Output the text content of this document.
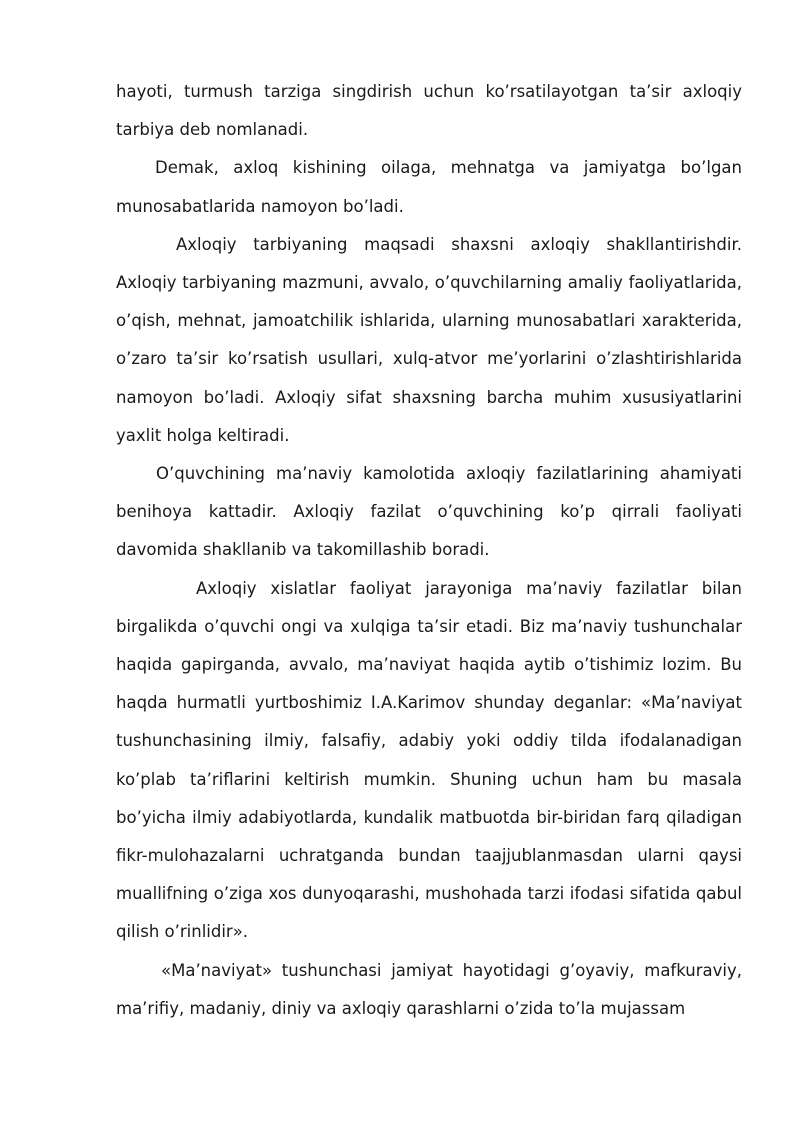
hayoti, turmush tarziga singdirish uchun ko’rsatilayotgan ta’sir axloqiy tarbiya deb nomlanadi.

Demak, axloq kishining oilaga, mehnatga va jamiyatga bo’lgan munosabatlarida namoyon bo’ladi.

Axloqiy tarbiyaning maqsadi shaxsni axloqiy shakllantirishdir. Axloqiy tarbiyaning mazmuni, avvalo, o’quvchilarning amaliy faoliyatlarida, o’qish, mehnat, jamoatchilik ishlarida, ularning munosabatlari xarakterida, o’zaro ta’sir ko’rsatish usullari, xulq-atvor me’yorlarini o’zlashtirishlarida namoyon bo’ladi. Axloqiy sifat shaxsning barcha muhim xususiyatlarini yaxlit holga keltiradi.

O’quvchining ma’naviy kamolotida axloqiy fazilatlarining ahamiyati benihoya kattadir. Axloqiy fazilat o’quvchining ko’p qirrali faoliyati davomida shakllanib va takomillashib boradi.

Axloqiy xislatlar faoliyat jarayoniga ma’naviy fazilatlar bilan birgalikda o’quvchi ongi va xulqiga ta’sir etadi. Biz ma’naviy tushunchalar haqida gapirganda, avvalo, ma’naviyat haqida aytib o’tishimiz lozim. Bu haqda hurmatli yurtboshimiz I.A.Karimov shunday deganlar: «Ma’naviyat tushunchasining ilmiy, falsafiy, adabiy yoki oddiy tilda ifodalanadigan ko’plab ta’riflarini keltirish mumkin. Shuning uchun ham bu masala bo’yicha ilmiy adabiyotlarda, kundalik matbuotda bir-biridan farq qiladigan fikr-mulohazalarni uchratganda bundan taajjublanmasdan ularni qaysi muallifning o’ziga xos dunyoqarashi, mushohada tarzi ifodasi sifatida qabul qilish o’rinlidir».

«Ma’naviyat» tushunchasi jamiyat hayotidagi g’oyaviy, mafkuraviy, ma’rifiy, madaniy, diniy va axloqiy qarashlarni o’zida to’la mujassam
